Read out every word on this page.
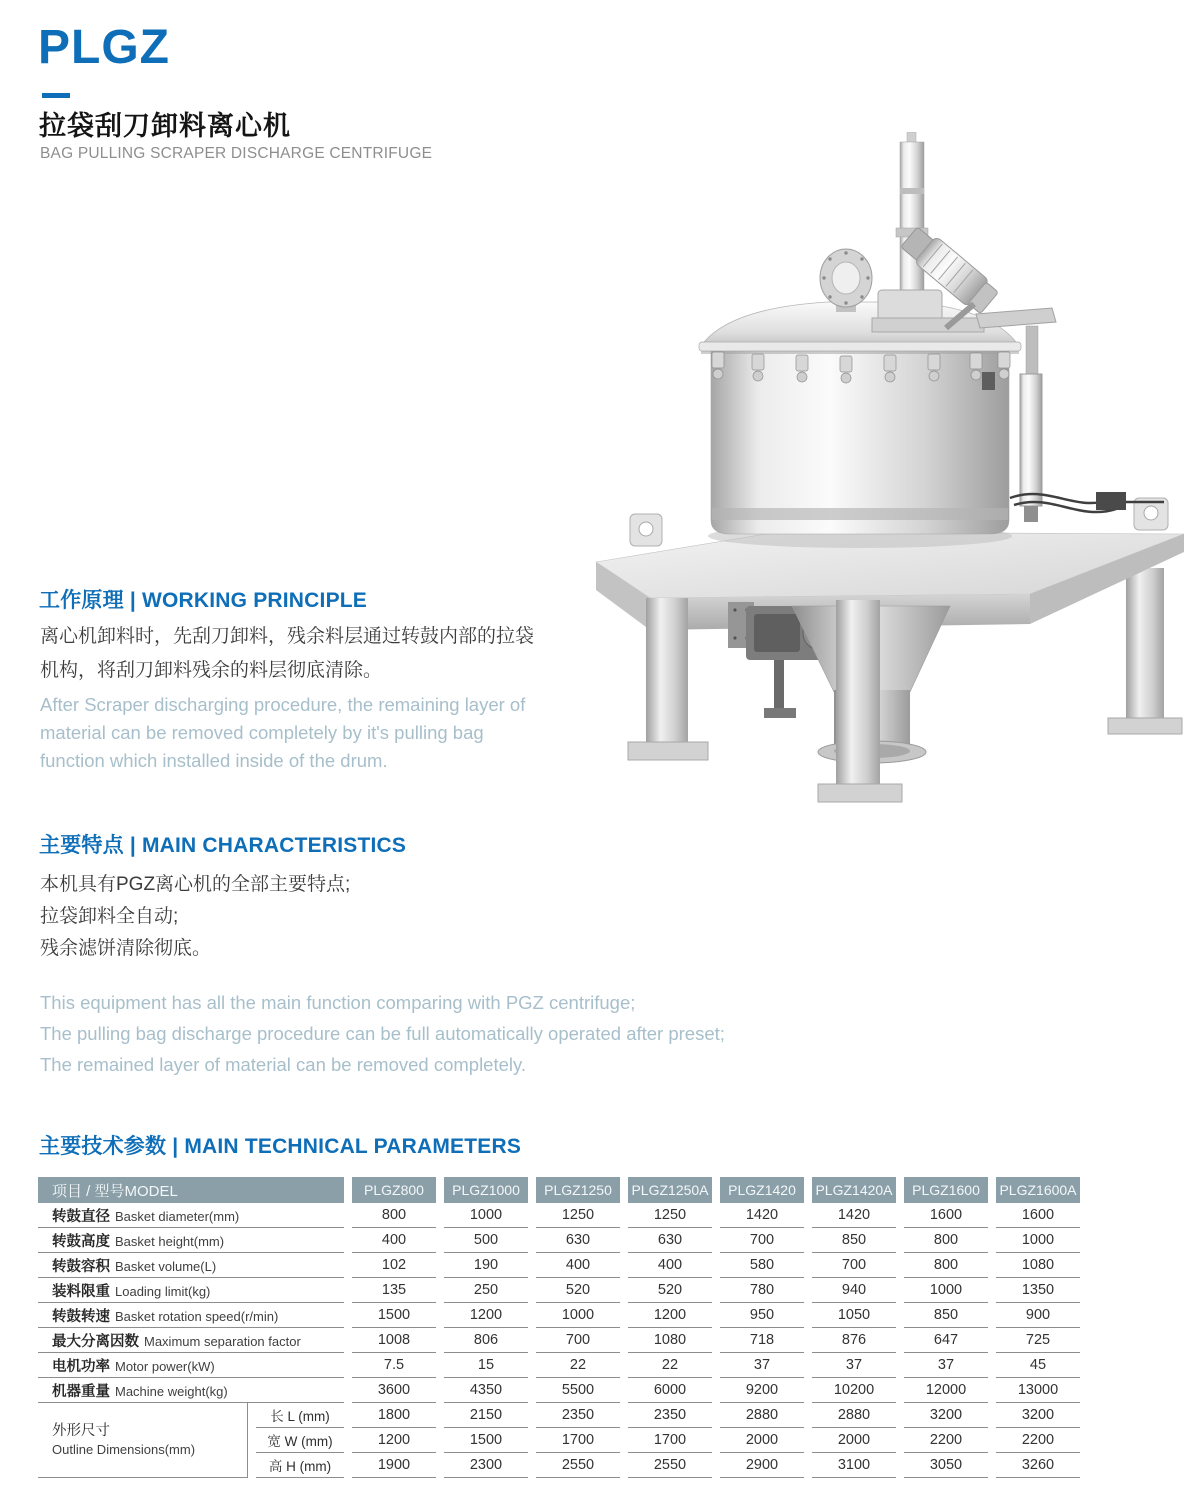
PLGZ
拉袋刮刀卸料离心机
BAG PULLING SCRAPER DISCHARGE CENTRIFUGE
工作原理 | WORKING PRINCIPLE
离心机卸料时，先刮刀卸料，残余料层通过转鼓内部的拉袋机构，将刮刀卸料残余的料层彻底清除。
After Scraper discharging procedure, the remaining layer of material can be removed completely by it's pulling bag function which installed inside of the drum.
主要特点 | MAIN CHARACTERISTICS
本机具有PGZ离心机的全部主要特点;
拉袋卸料全自动;
残余滤饼清除彻底。
This equipment has all the main function comparing with PGZ centrifuge;
The pulling bag discharge procedure can be full automatically operated after preset;
The remained layer of material can be removed completely.
主要技术参数 | MAIN TECHNICAL PARAMETERS
项目 / 型号MODEL		PLGZ800	PLGZ1000	PLGZ1250	PLGZ1250A	PLGZ1420	PLGZ1420A	PLGZ1600	PLGZ1600A
转鼓直径 Basket diameter(mm)		800	1000	1250	1250	1420	1420	1600	1600
转鼓高度 Basket height(mm)		400	500	630	630	700	850	800	1000
转鼓容积 Basket volume(L)		102	190	400	400	580	700	800	1080
装料限重 Loading limit(kg)		135	250	520	520	780	940	1000	1350
转鼓转速 Basket rotation speed(r/min)		1500	1200	1000	1200	950	1050	850	900
最大分离因数 Maximum separation factor		1008	806	700	1080	718	876	647	725
电机功率 Motor power(kW)		7.5	15	22	22	37	37	37	45
机器重量 Machine weight(kg)		3600	4350	5500	6000	9200	10200	12000	13000

外形尺寸
Outline Dimensions(mm)	长 L (mm)	1800	2150	2350	2350	2880	2880	3200	3200
	宽 W (mm)	1200	1500	1700	1700	2000	2000	2200	2200
	高 H (mm)	1900	2300	2550	2550	2900	3100	3050	3260
